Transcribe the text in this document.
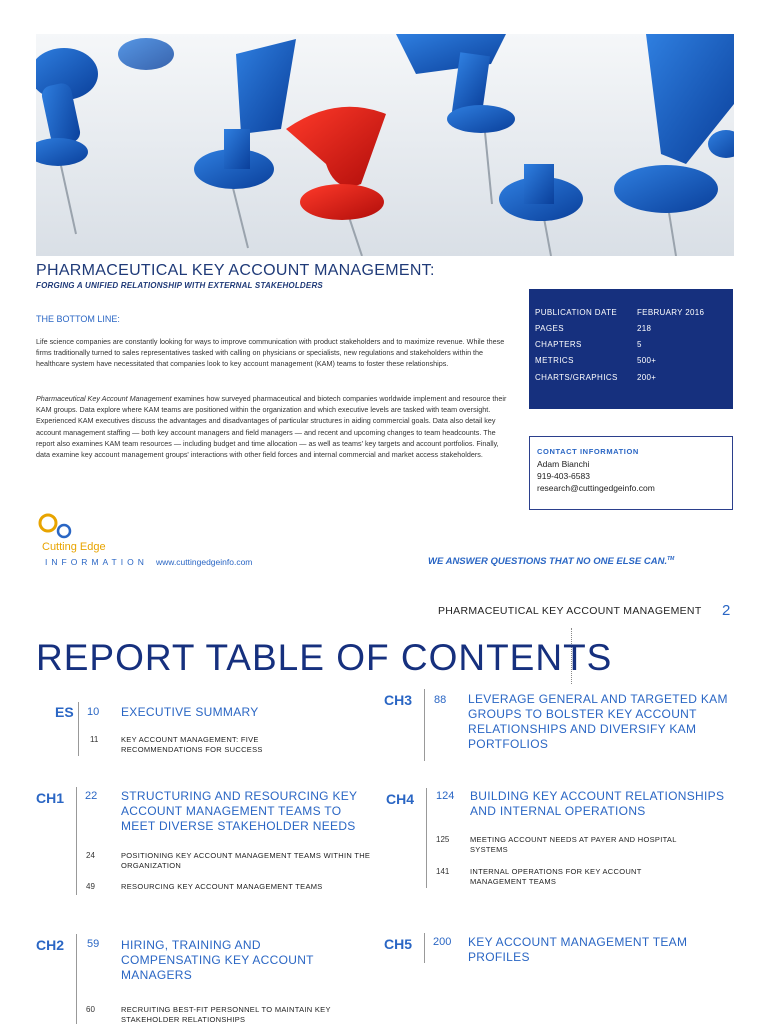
PHARMACEUTICAL KEY ACCOUNT MANAGEMENT:
FORGING A UNIFIED RELATIONSHIP WITH EXTERNAL STAKEHOLDERS
THE BOTTOM LINE:
Life science companies are constantly looking for ways to improve communication with product stakeholders and to maximize revenue. While these firms traditionally turned to sales representatives tasked with calling on physicians or specialists, new regulations and stakeholders within the healthcare system have necessitated that companies look to key account management (KAM) teams to foster these relationships.
Pharmaceutical Key Account Management examines how surveyed pharmaceutical and biotech companies worldwide implement and resource their KAM groups. Data explore where KAM teams are positioned within the organization and which executive levels are tasked with team oversight. Experienced KAM executives discuss the advantages and disadvantages of particular structures in aiding commercial goals. Data also detail key account management staffing — both key account managers and field managers — and recent and upcoming changes to team headcounts. The report also examines KAM team resources — including budget and time allocation — as well as teams' key targets and account portfolios. Finally, data examine key account management groups' interactions with other field forces and internal commercial and market access stakeholders.
PUBLICATION DATE FEBRUARY 2016
PAGES	218
CHAPTERS	5
METRICS	500+
CHARTS/GRAPHICS 200+
CONTACT INFORMATION
Adam Bianchi
919-403-6583
research@cuttingedgeinfo.com
Cutting Edge
INFORMATION www.cuttingedgeinfo.com	WE ANSWER QUESTIONS THAT NO ONE ELSE CAN.™
PHARMACEUTICAL KEY ACCOUNT MANAGEMENT 2
REPORT TABLE OF CONTENTS
ES 10 EXECUTIVE SUMMARY
11	KEY ACCOUNT MANAGEMENT: FIVE RECOMMENDATIONS FOR SUCCESS
CH1 22 STRUCTURING AND RESOURCING KEY ACCOUNT MANAGEMENT TEAMS TO MEET DIVERSE STAKEHOLDER NEEDS
24	POSITIONING KEY ACCOUNT MANAGEMENT TEAMS WITHIN THE ORGANIZATION
49	RESOURCING KEY ACCOUNT MANAGEMENT TEAMS
CH2 59 HIRING, TRAINING AND COMPENSATING KEY ACCOUNT MANAGERS
60	RECRUITING BEST-FIT PERSONNEL TO MAINTAIN KEY STAKEHOLDER RELATIONSHIPS
CH3 88 LEVERAGE GENERAL AND TARGETED KAM GROUPS TO BOLSTER KEY ACCOUNT RELATIONSHIPS AND DIVERSIFY KAM PORTFOLIOS
CH4 124 BUILDING KEY ACCOUNT RELATIONSHIPS AND INTERNAL OPERATIONS
125	MEETING ACCOUNT NEEDS AT PAYER AND HOSPITAL SYSTEMS
141	INTERNAL OPERATIONS FOR KEY ACCOUNT MANAGEMENT TEAMS
CH5 200 KEY ACCOUNT MANAGEMENT TEAM PROFILES
